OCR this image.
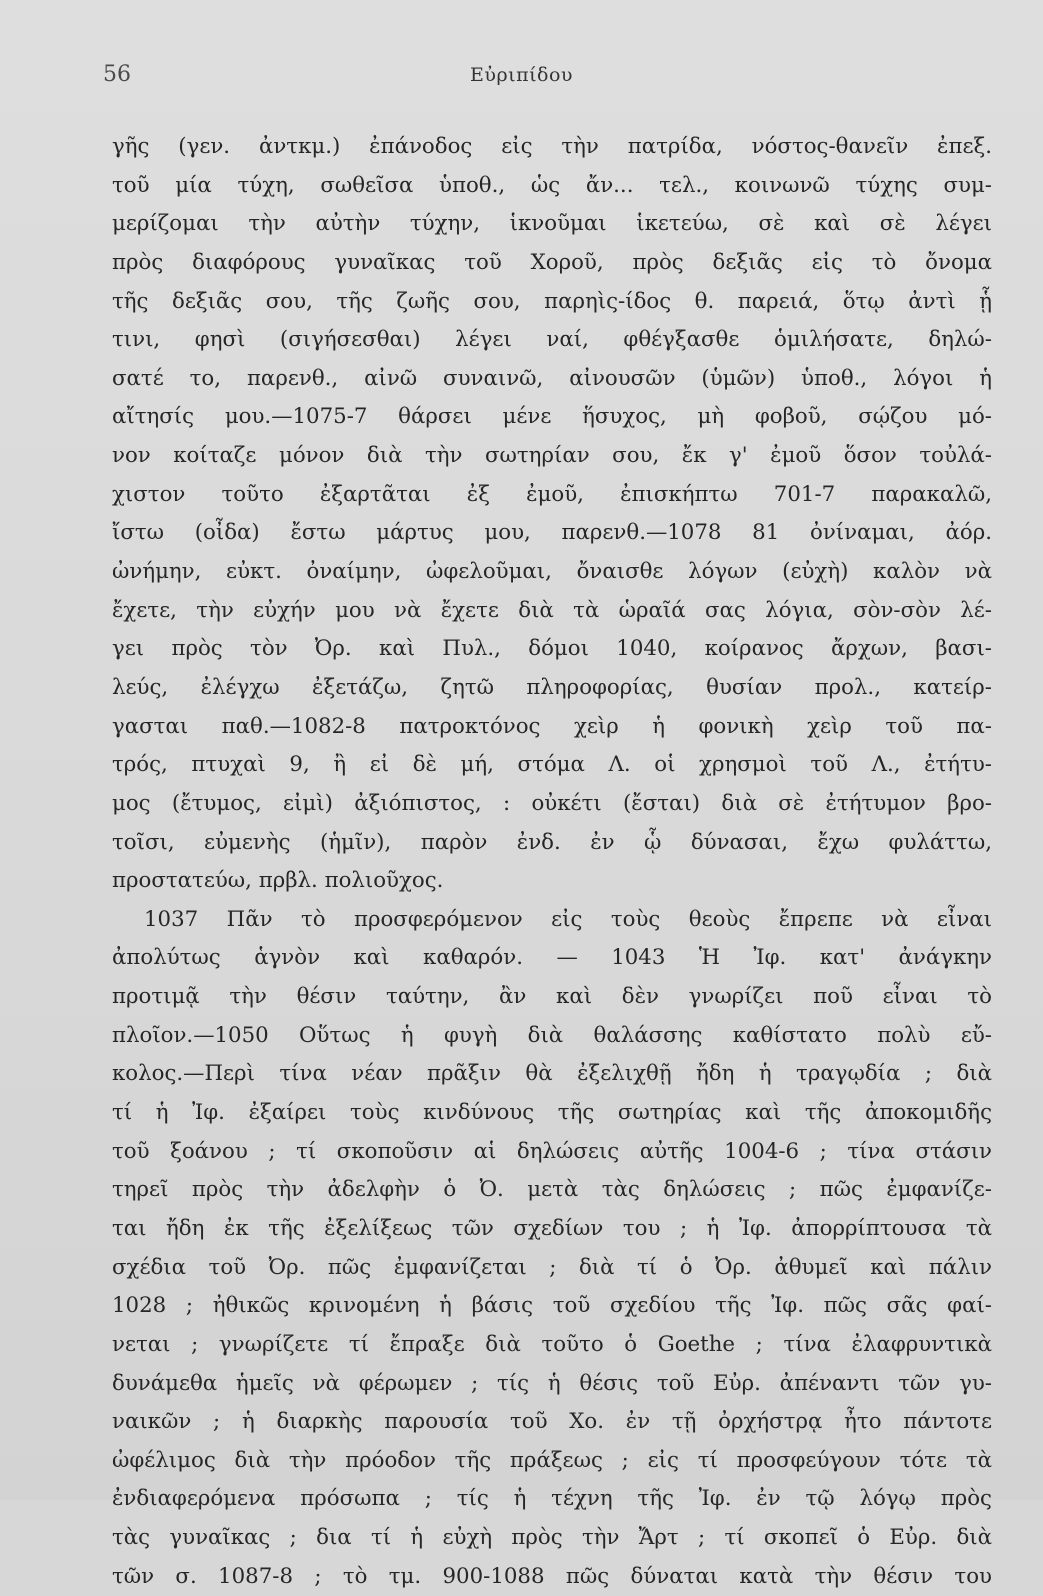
56	Εὐριπίδου
γῆς (γεν. ἀντκμ.) ἐπάνοδος εἰς τὴν πατρίδα, νόστος-θανεῖν ἐπεξ.
τοῦ μία τύχη, σωθεῖσα ὑποθ., ὡς ἄν... τελ., κοινωνῶ τύχης συμ-
μερίζομαι τὴν αὐτὴν τύχην, ἱκνοῦμαι ἱκετεύω, σὲ καὶ σὲ λέγει
πρὸς διαφόρους γυναῖκας τοῦ Χοροῦ, πρὸς δεξιᾶς εἰς τὸ ὄνομα
τῆς δεξιᾶς σου, τῆς ζωῆς σου, παρηὶς-ίδος θ. παρειά, ὅτῳ ἀντὶ ᾗ
τινι, φησὶ (σιγήσεσθαι) λέγει ναί, φθέγξασθε ὁμιλήσατε, δηλώ-
σατέ το, παρενθ., αἰνῶ συναινῶ, αἰνουσῶν (ὑμῶν) ὑποθ., λόγοι ἡ
αἴτησίς μου.—1075-7 θάρσει μένε ἥσυχος, μὴ φοβοῦ, σῴζου μό-
νον κοίταζε μόνον διὰ τὴν σωτηρίαν σου, ἔκ γ' ἐμοῦ ὅσον τοὐλά-
χιστον τοῦτο ἐξαρτᾶται ἐξ ἐμοῦ, ἐπισκήπτω 701-7 παρακαλῶ,
ἴστω (οἶδα) ἔστω μάρτυς μου, παρενθ.—1078 81 ὀνίναμαι, ἀόρ.
ὠνήμην, εὐκτ. ὀναίμην, ὠφελοῦμαι, ὄναισθε λόγων (εὐχὴ) καλὸν νὰ
ἔχετε, τὴν εὐχήν μου νὰ ἔχετε διὰ τὰ ὡραῖά σας λόγια, σὸν-σὸν λέ-
γει πρὸς τὸν Ὀρ. καὶ Πυλ., δόμοι 1040, κοίρανος ἄρχων, βασι-
λεύς, ἐλέγχω ἐξετάζω, ζητῶ πληροφορίας, θυσίαν προλ., κατείρ-
γασται παθ.—1082-8 πατροκτόνος χεὶρ ἡ φονικὴ χεὶρ τοῦ πα-
τρός, πτυχαὶ 9, ἢ εἰ δὲ μή, στόμα Λ. οἱ χρησμοὶ τοῦ Λ., ἐτήτυ-
μος (ἔτυμος, εἰμὶ) ἀξιόπιστος, : οὐκέτι (ἔσται) διὰ σὲ ἐτήτυμον βρο-
τοῖσι, εὐμενὴς (ἡμῖν), παρὸν ἐνδ. ἐν ᾧ δύνασαι, ἔχω φυλάττω,
προστατεύω, πρβλ. πολιοῦχος.
1037 Πᾶν τὸ προσφερόμενον εἰς τοὺς θεοὺς ἔπρεπε νὰ εἶναι
ἀπολύτως ἁγνὸν καὶ καθαρόν. — 1043 Ἡ Ἰφ. κατ' ἀνάγκην
προτιμᾷ τὴν θέσιν ταύτην, ἂν καὶ δὲν γνωρίζει ποῦ εἶναι τὸ
πλοῖον.—1050 Οὕτως ἡ φυγὴ διὰ θαλάσσης καθίστατο πολὺ εὔ-
κολος.—Περὶ τίνα νέαν πρᾶξιν θὰ ἐξελιχθῇ ἤδη ἡ τραγῳδία ; διὰ
τί ἡ Ἰφ. ἐξαίρει τοὺς κινδύνους τῆς σωτηρίας καὶ τῆς ἀποκομιδῆς
τοῦ ξοάνου ; τί σκοποῦσιν αἱ δηλώσεις αὐτῆς 1004-6 ; τίνα στάσιν
τηρεῖ πρὸς τὴν ἀδελφὴν ὁ Ὀ. μετὰ τὰς δηλώσεις ; πῶς ἐμφανίζε-
ται ἤδη ἐκ τῆς ἐξελίξεως τῶν σχεδίων του ; ἡ Ἰφ. ἀπορρίπτουσα τὰ
σχέδια τοῦ Ὀρ. πῶς ἐμφανίζεται ; διὰ τί ὁ Ὀρ. ἀθυμεῖ καὶ πάλιν
1028 ; ἠθικῶς κρινομένη ἡ βάσις τοῦ σχεδίου τῆς Ἰφ. πῶς σᾶς φαί-
νεται ; γνωρίζετε τί ἔπραξε διὰ τοῦτο ὁ Goethe ; τίνα ἐλαφρυντικὰ
δυνάμεθα ἡμεῖς νὰ φέρωμεν ; τίς ἡ θέσις τοῦ Εὐρ. ἀπέναντι τῶν γυ-
ναικῶν ; ἡ διαρκὴς παρουσία τοῦ Χο. ἐν τῇ ὀρχήστρᾳ ἦτο πάντοτε
ὠφέλιμος διὰ τὴν πρόοδον τῆς πράξεως ; εἰς τί προσφεύγουν τότε τὰ
ἐνδιαφερόμενα πρόσωπα ; τίς ἡ τέχνη τῆς Ἰφ. ἐν τῷ λόγῳ πρὸς
τὰς γυναῖκας ; δια τί ἡ εὐχὴ πρὸς τὴν Ἄρτ ; τί σκοπεῖ ὁ Εὐρ. διὰ
τῶν σ. 1087-8 ; τὸ τμ. 900-1088 πῶς δύναται κατὰ τὴν θέσιν του
